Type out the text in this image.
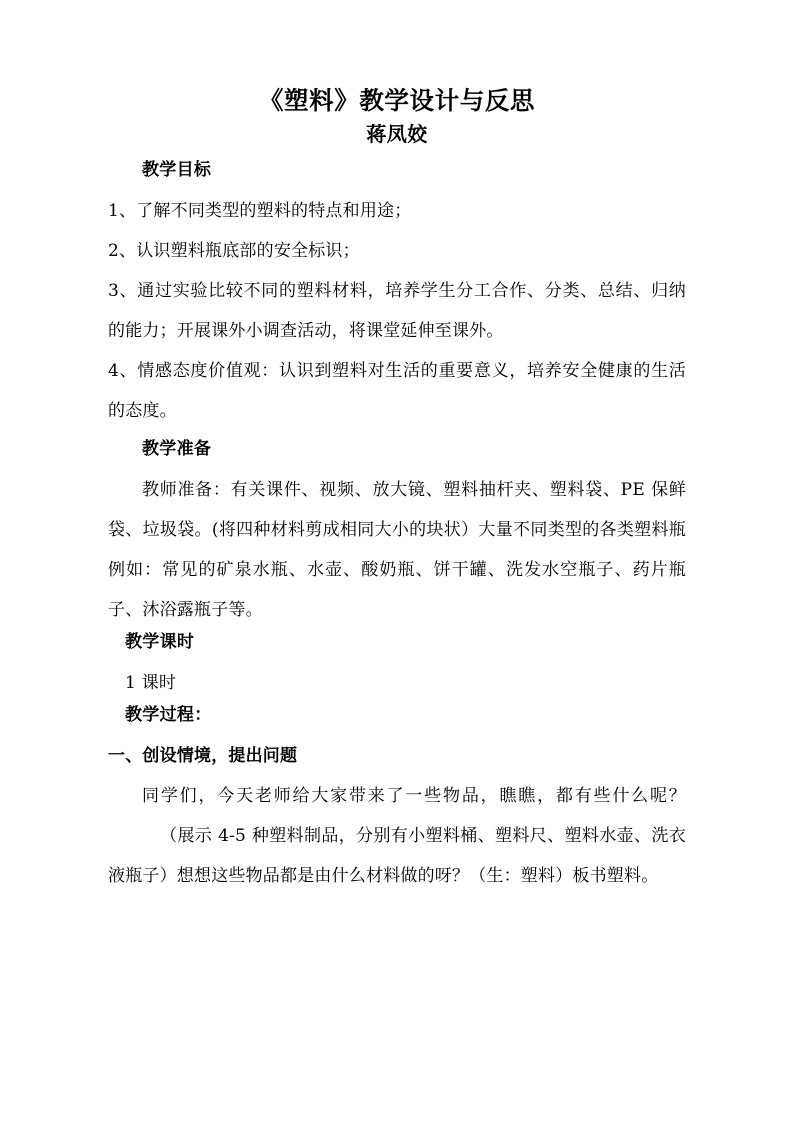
《塑料》教学设计与反思
蒋凤姣
教学目标

1、了解不同类型的塑料的特点和用途；

2、认识塑料瓶底部的安全标识；

3、通过实验比较不同的塑料材料，培养学生分工合作、分类、总结、归纳的能力；开展课外小调查活动，将课堂延伸至课外。

4、情感态度价值观：认识到塑料对生活的重要意义，培养安全健康的生活的态度。

教学准备

教师准备：有关课件、视频、放大镜、塑料抽杆夹、塑料袋、PE 保鲜袋、垃圾袋。(将四种材料剪成相同大小的块状）大量不同类型的各类塑料瓶例如：常见的矿泉水瓶、水壶、酸奶瓶、饼干罐、洗发水空瓶子、药片瓶子、沐浴露瓶子等。

教学课时

1 课时

教学过程：

一、创设情境，提出问题

同学们，今天老师给大家带来了一些物品，瞧瞧，都有些什么呢？（展示 4-5 种塑料制品，分别有小塑料桶、塑料尺、塑料水壶、洗衣液瓶子）想想这些物品都是由什么材料做的呀？（生：塑料）板书塑料。
